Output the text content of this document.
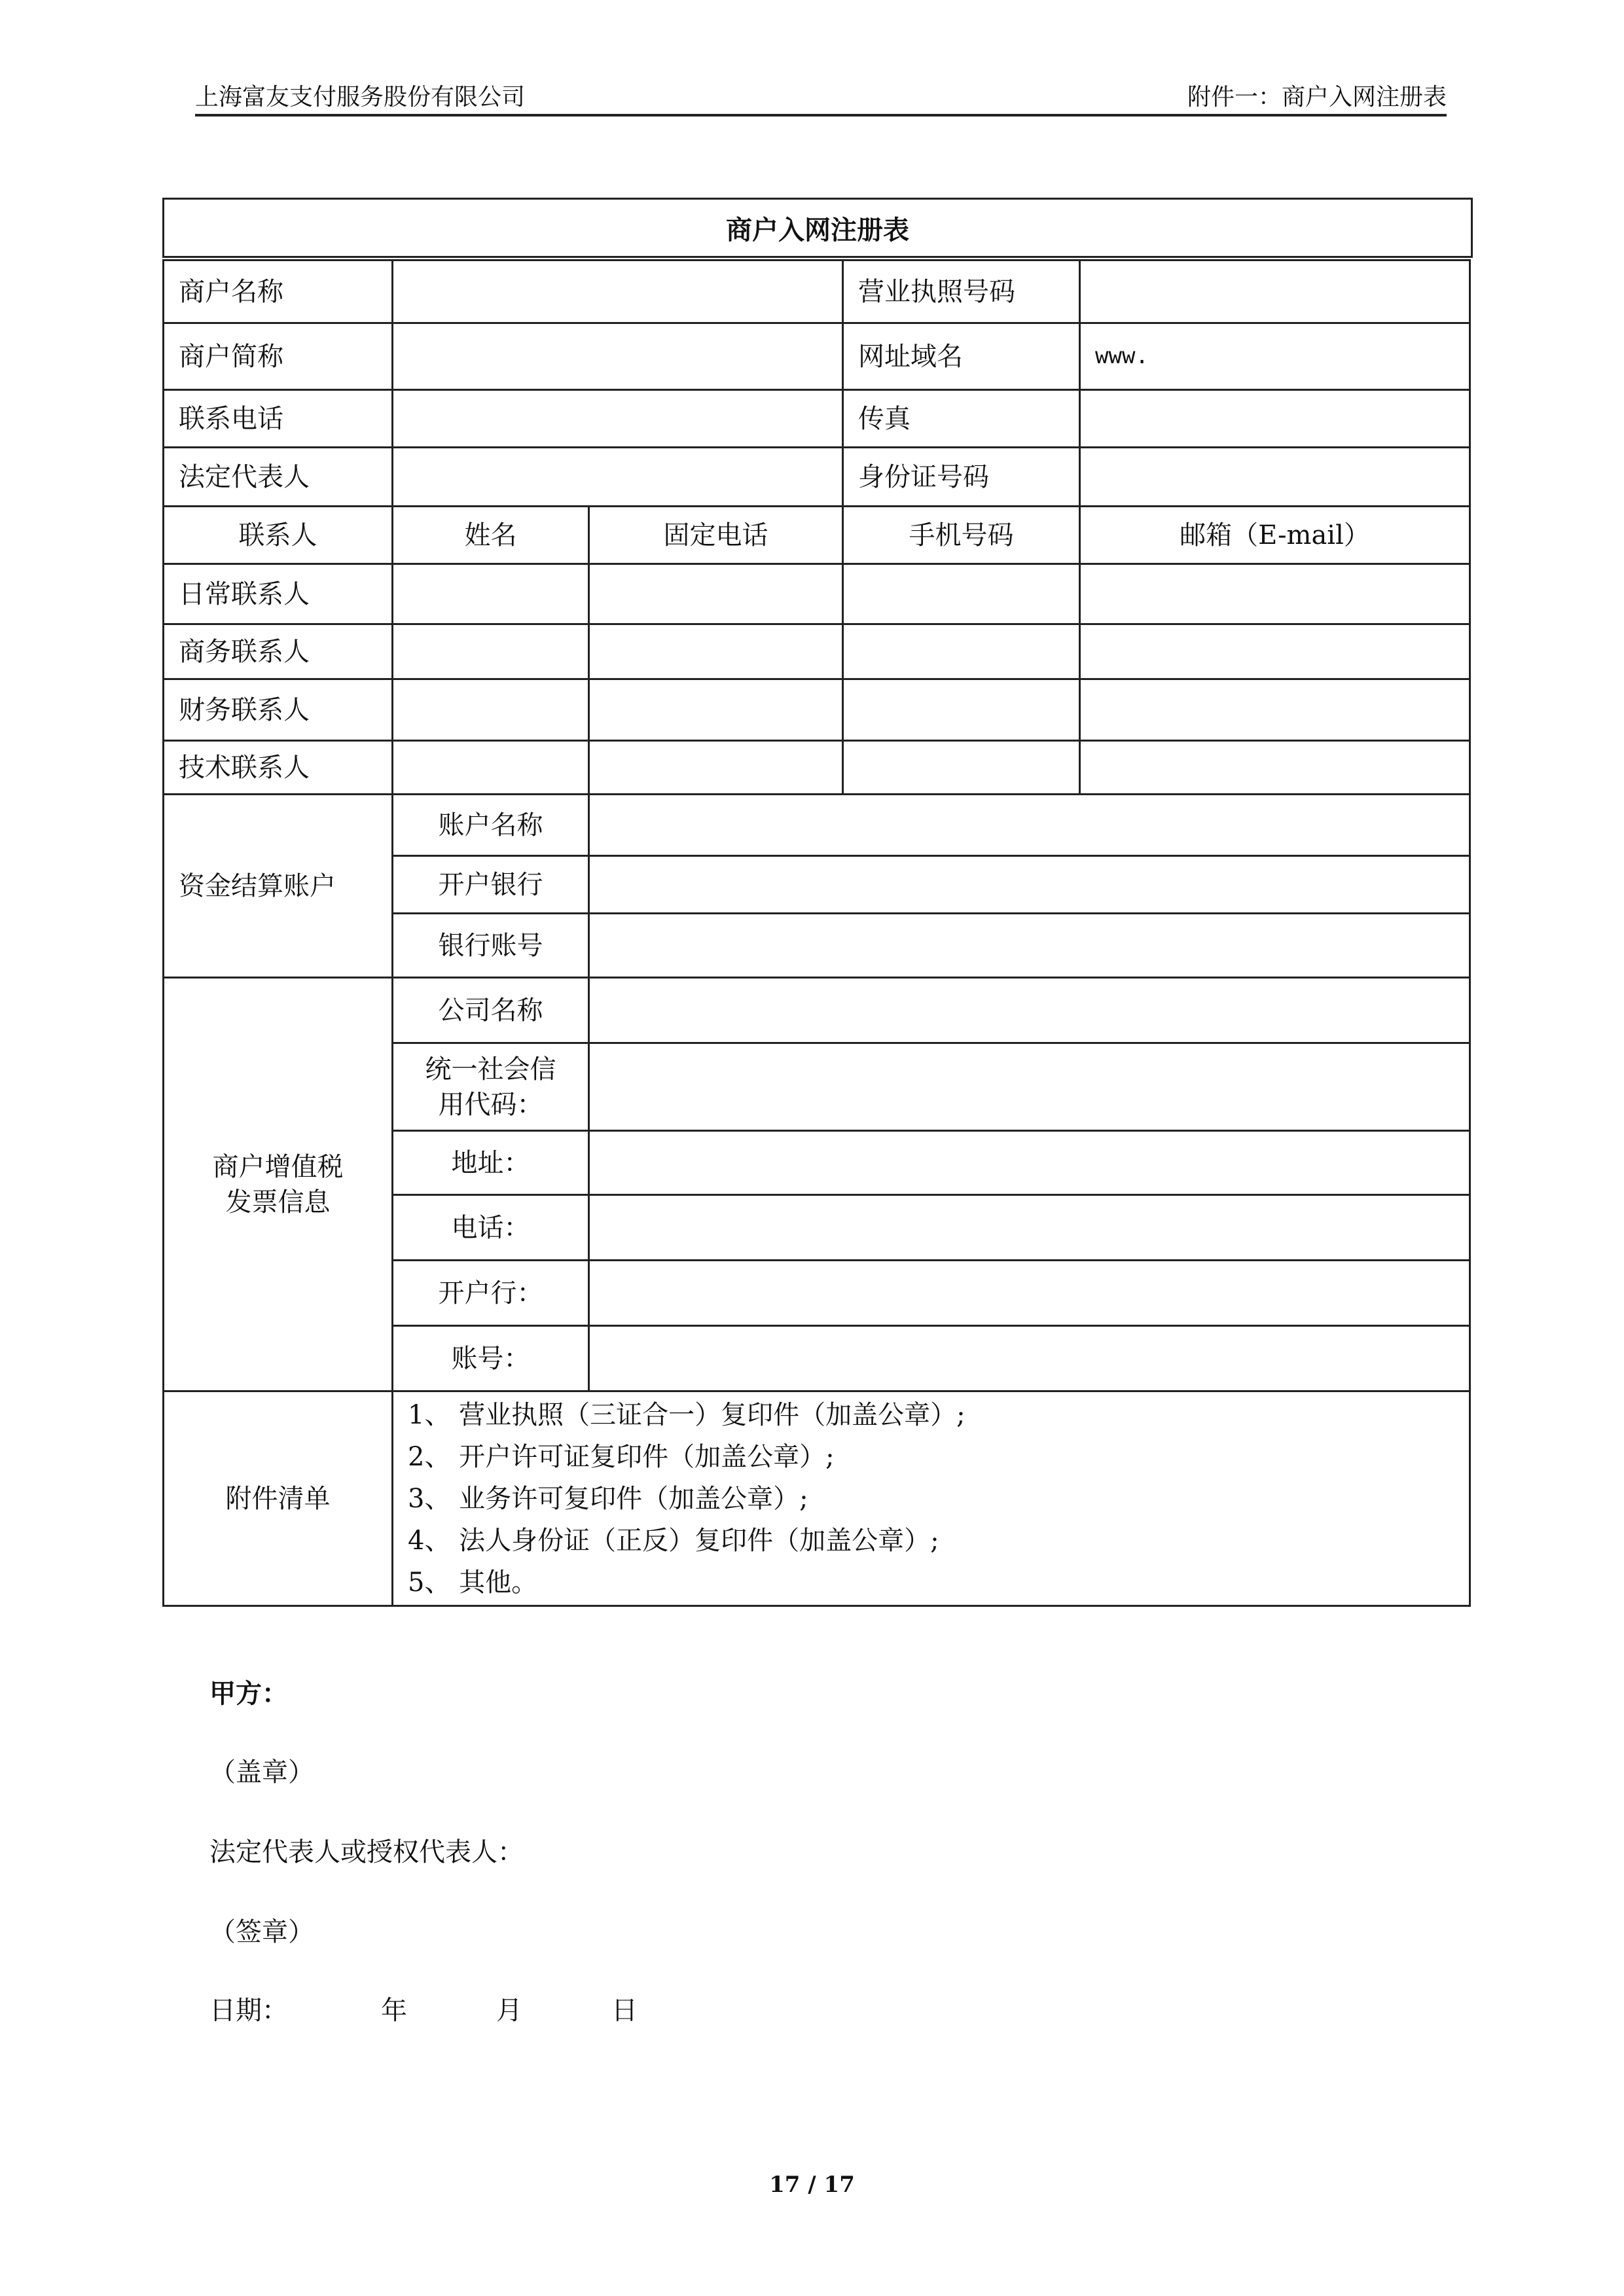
上海富友支付服务股份有限公司	附件一：商户入网注册表
商户入网注册表
商户名称			营业执照号码	
商户简称			网址域名	www.
联系电话			传真	
法定代表人			身份证号码	
联系人	姓名	固定电话	手机号码	邮箱（E-mail）
日常联系人				
商务联系人				
财务联系人				
技术联系人				
资金结算账户	账户名称			
	开户银行			
	银行账号			
商户增值税发票信息	公司名称			
	统一社会信用代码：			
	地址：			
	电话：			
	开户行：			
	账号：			
附件清单	1、 营业执照（三证合一）复印件（加盖公章）;
2、 开户许可证复印件（加盖公章）;
3、 业务许可复印件（加盖公章）;
4、 法人身份证（正反）复印件（加盖公章）;
5、 其他。			
甲方：
（盖章）
法定代表人或授权代表人：
（签章）
日期：	年	月	日
17 / 17
